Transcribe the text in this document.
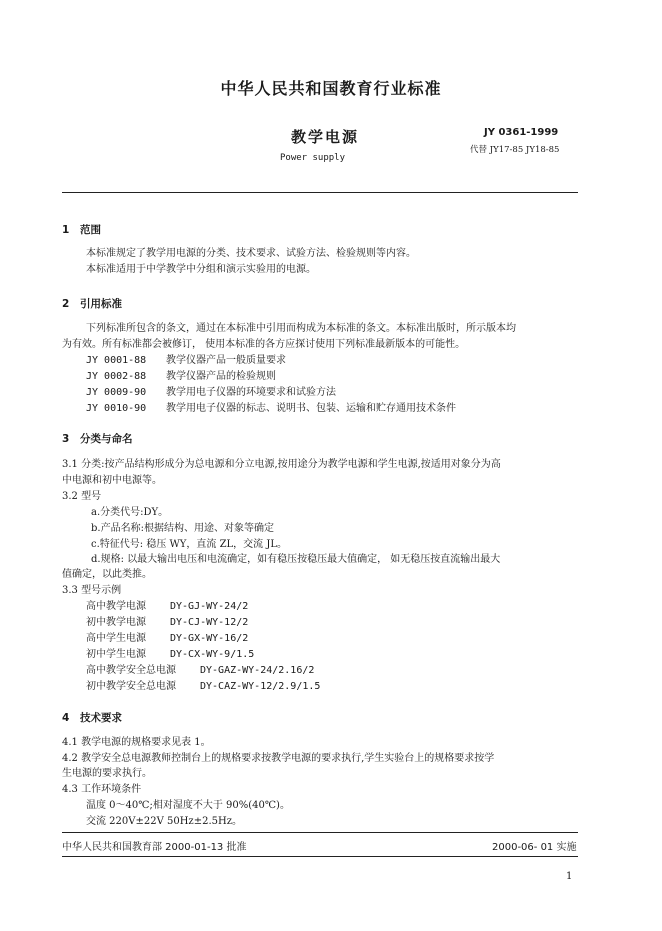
中华人民共和国教育行业标准
教学电源
Power supply
JY 0361-1999
代替 JY17-85 JY18-85
1 范围
本标准规定了教学用电源的分类、技术要求、试验方法、检验规则等内容。
本标准适用于中学教学中分组和演示实验用的电源。
2 引用标准
下列标准所包含的条文，通过在本标准中引用而构成为本标准的条文。本标准出版时，所示版本均
为有效。所有标准都会被修订， 使用本标准的各方应探讨使用下列标准最新版本的可能性。
JY 0001-88 教学仪器产品一般质量要求
JY 0002-88 教学仪器产品的检验规则
JY 0009-90 教学用电子仪器的环境要求和试验方法
JY 0010-90 教学用电子仪器的标志、说明书、包装、运输和贮存通用技术条件
3 分类与命名
3.1 分类:按产品结构形成分为总电源和分立电源,按用途分为教学电源和学生电源,按适用对象分为高
中电源和初中电源等。
3.2 型号
a.分类代号:DY。
b.产品名称:根据结构、用途、对象等确定
c.特征代号: 稳压 WY，直流 ZL，交流 JL。
d.规格: 以最大输出电压和电流确定，如有稳压按稳压最大值确定， 如无稳压按直流输出最大
值确定，以此类推。
3.3 型号示例
高中教学电源 DY-GJ-WY-24/2
初中教学电源 DY-CJ-WY-12/2
高中学生电源 DY-GX-WY-16/2
初中学生电源 DY-CX-WY-9/1.5
高中教学安全总电源 DY-GAZ-WY-24/2.16/2
初中教学安全总电源 DY-CAZ-WY-12/2.9/1.5
4 技术要求
4.1 教学电源的规格要求见表 1。
4.2 教学安全总电源教师控制台上的规格要求按教学电源的要求执行,学生实验台上的规格要求按学
生电源的要求执行。
4.3 工作环境条件
温度 0～40℃;相对湿度不大于 90%(40℃)。
交流 220V±22V 50Hz±2.5Hz。
中华人民共和国教育部 2000-01-13 批准	2000-06- 01 实施
1
